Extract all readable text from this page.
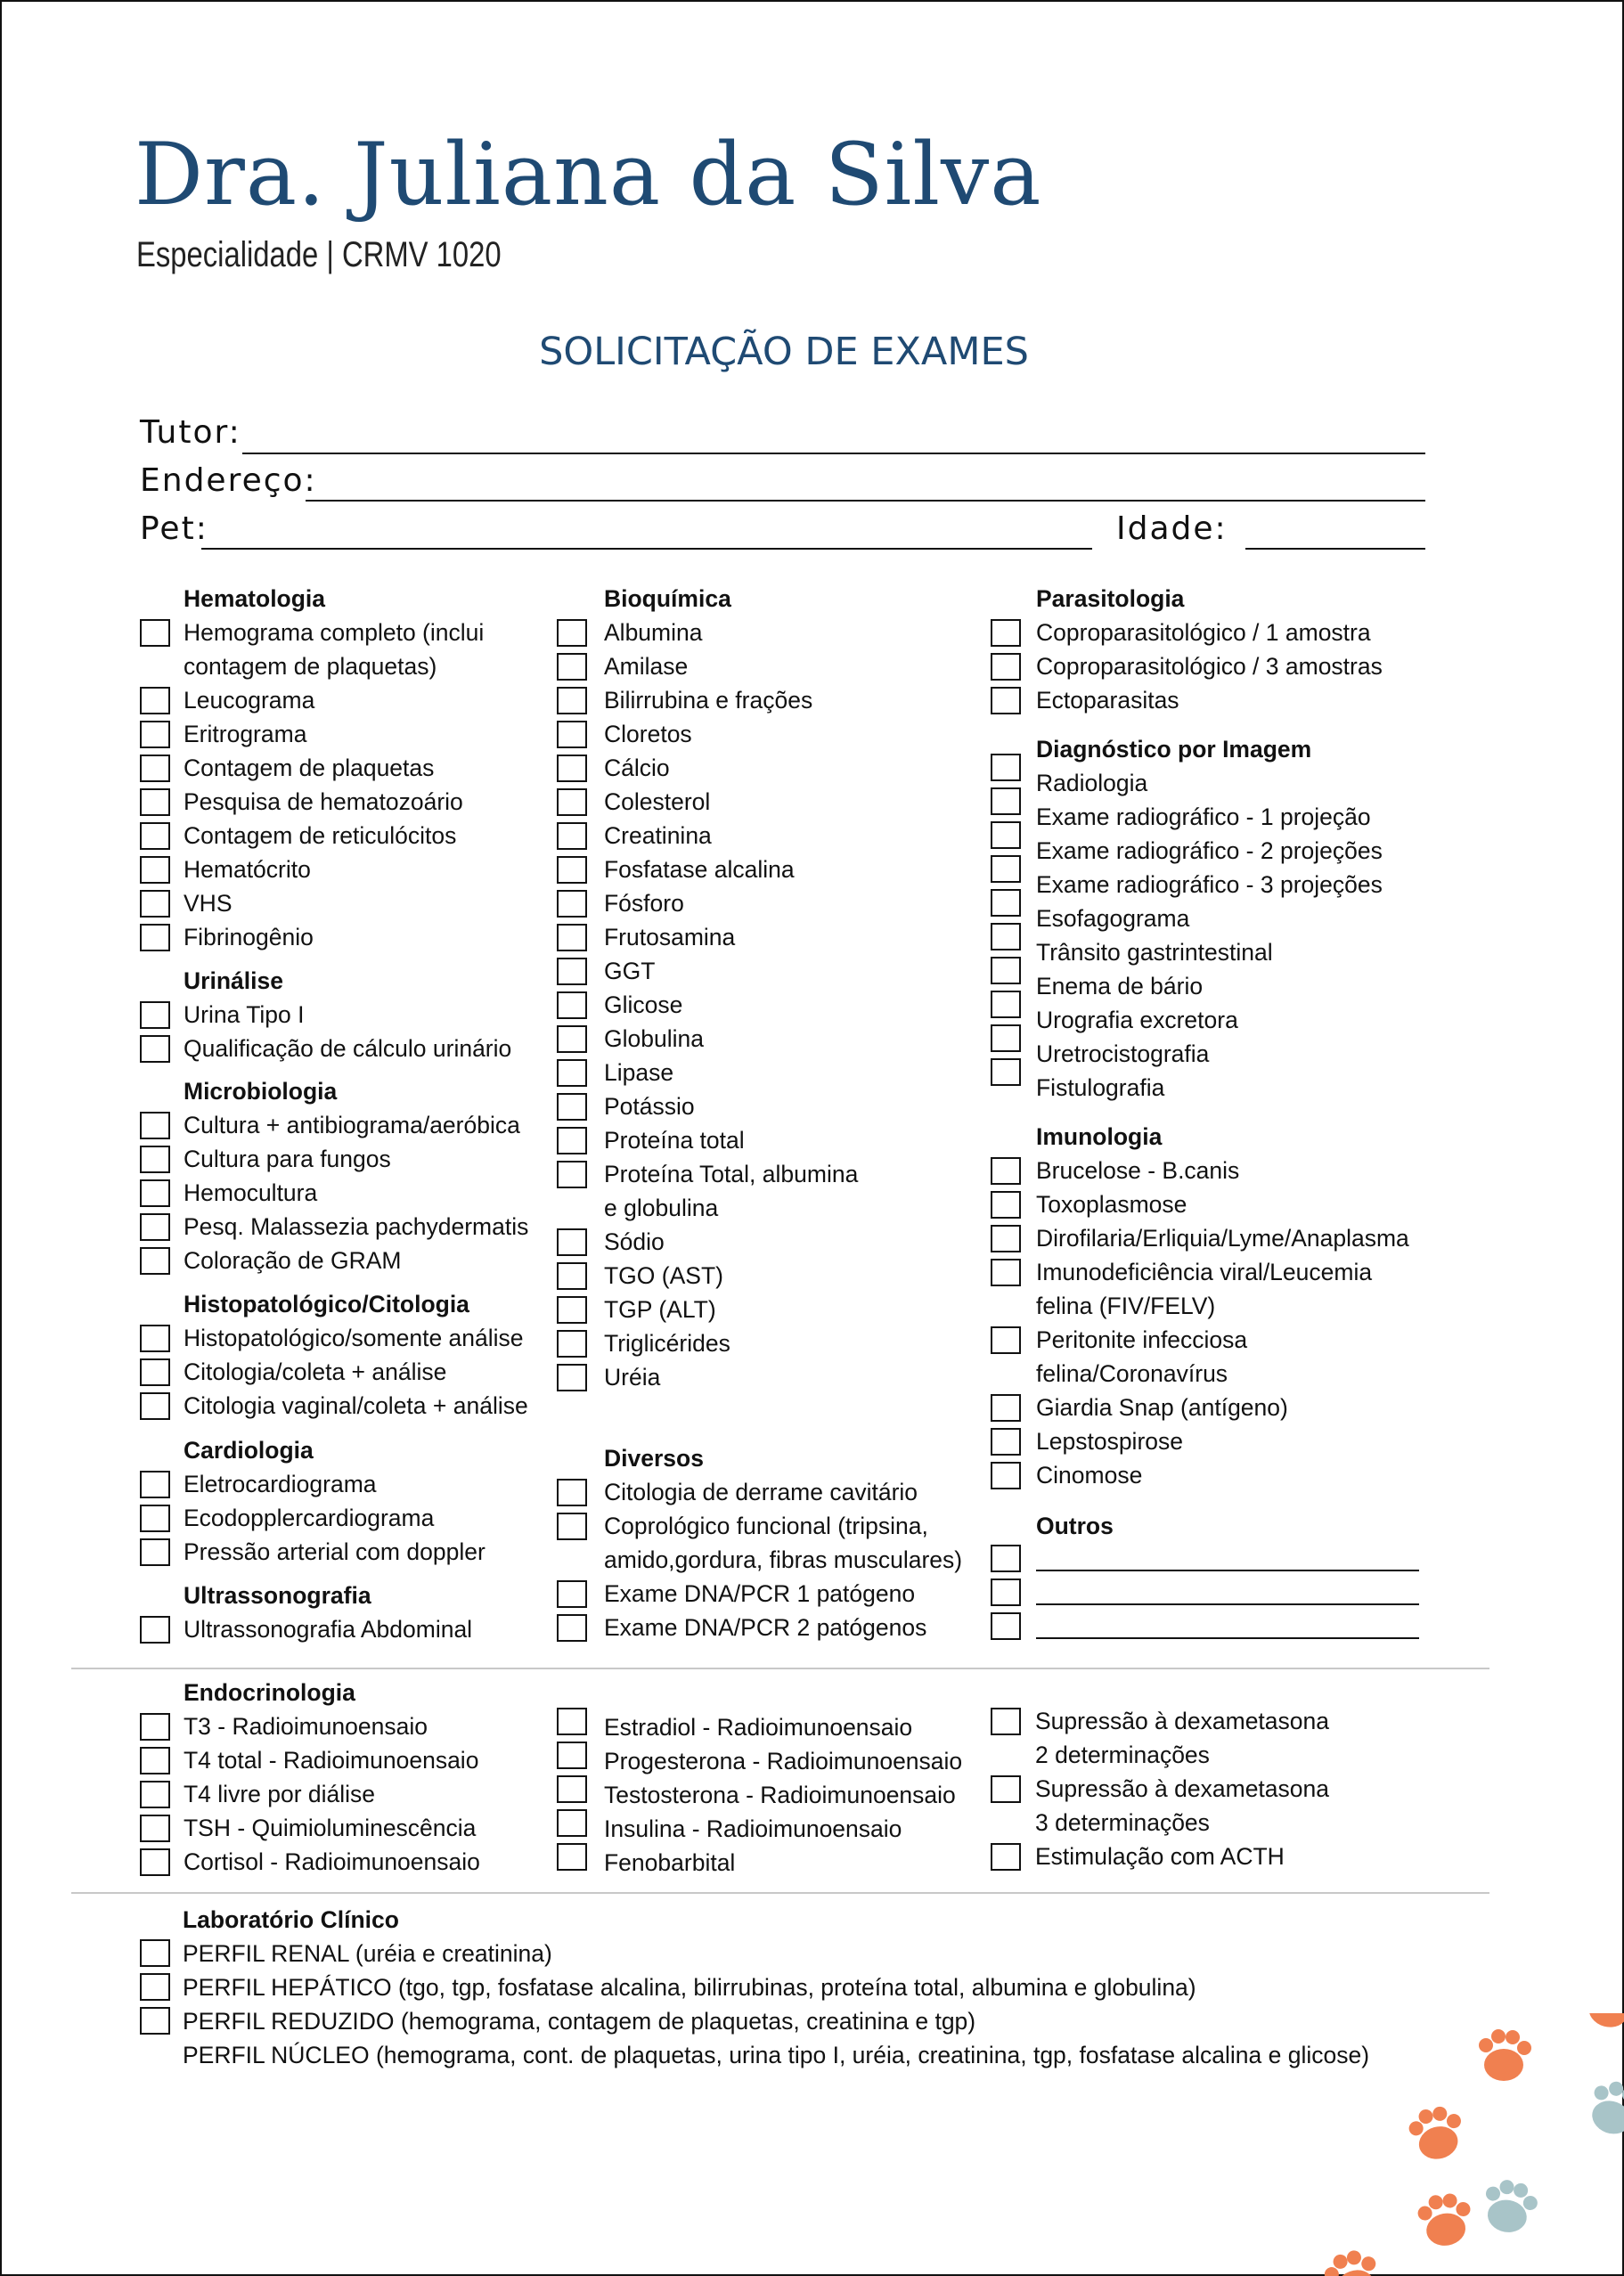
Dra. Juliana da Silva
Especialidade | CRMV 1020
SOLICITAÇÃO DE EXAMES
Tutor:
Endereço:
Pet:	Idade:
Hematologia
Hemograma completo (inclui
contagem de plaquetas)
Leucograma
Eritrograma
Contagem de plaquetas
Pesquisa de hematozoário
Contagem de reticulócitos
Hematócrito
VHS
Fibrinogênio
Urinálise
Urina Tipo I
Qualificação de cálculo urinário
Microbiologia
Cultura + antibiograma/aeróbica
Cultura para fungos
Hemocultura
Pesq. Malassezia pachydermatis
Coloração de GRAM
Histopatológico/Citologia
Histopatológico/somente análise
Citologia/coleta + análise
Citologia vaginal/coleta + análise
Cardiologia
Eletrocardiograma
Ecodopplercardiograma
Pressão arterial com doppler
Ultrassonografia
Ultrassonografia Abdominal
Bioquímica
Albumina
Amilase
Bilirrubina e frações
Cloretos
Cálcio
Colesterol
Creatinina
Fosfatase alcalina
Fósforo
Frutosamina
GGT
Glicose
Globulina
Lipase
Potássio
Proteína total
Proteína Total, albumina
e globulina
Sódio
TGO (AST)
TGP (ALT)
Triglicérides
Uréia
Diversos
Citologia de derrame cavitário
Coprológico funcional (tripsina,
amido,gordura, fibras musculares)
Exame DNA/PCR 1 patógeno
Exame DNA/PCR 2 patógenos
Parasitologia
Coproparasitológico / 1 amostra
Coproparasitológico / 3 amostras
Ectoparasitas
Diagnóstico por Imagem
Radiologia
Exame radiográfico - 1 projeção
Exame radiográfico - 2 projeções
Exame radiográfico - 3 projeções
Esofagograma
Trânsito gastrintestinal
Enema de bário
Urografia excretora
Uretrocistografia
Fistulografia
Imunologia
Brucelose - B.canis
Toxoplasmose
Dirofilaria/Erliquia/Lyme/Anaplasma
Imunodeficiência viral/Leucemia
felina (FIV/FELV)
Peritonite infecciosa
felina/Coronavírus
Giardia Snap (antígeno)
Lepstospirose
Cinomose
Outros
Endocrinologia
T3 - Radioimunoensaio
T4 total - Radioimunoensaio
T4 livre por diálise
TSH - Quimioluminescência
Cortisol - Radioimunoensaio
Estradiol - Radioimunoensaio
Progesterona - Radioimunoensaio
Testosterona - Radioimunoensaio
Insulina - Radioimunoensaio
Fenobarbital
Supressão à dexametasona
2 determinações
Supressão à dexametasona
3 determinações
Estimulação com ACTH
Laboratório Clínico
PERFIL RENAL (uréia e creatinina)
PERFIL HEPÁTICO (tgo, tgp, fosfatase alcalina, bilirrubinas, proteína total, albumina e globulina)
PERFIL REDUZIDO (hemograma, contagem de plaquetas, creatinina e tgp)
PERFIL NÚCLEO (hemograma, cont. de plaquetas, urina tipo I, uréia, creatinina, tgp, fosfatase alcalina e glicose)
